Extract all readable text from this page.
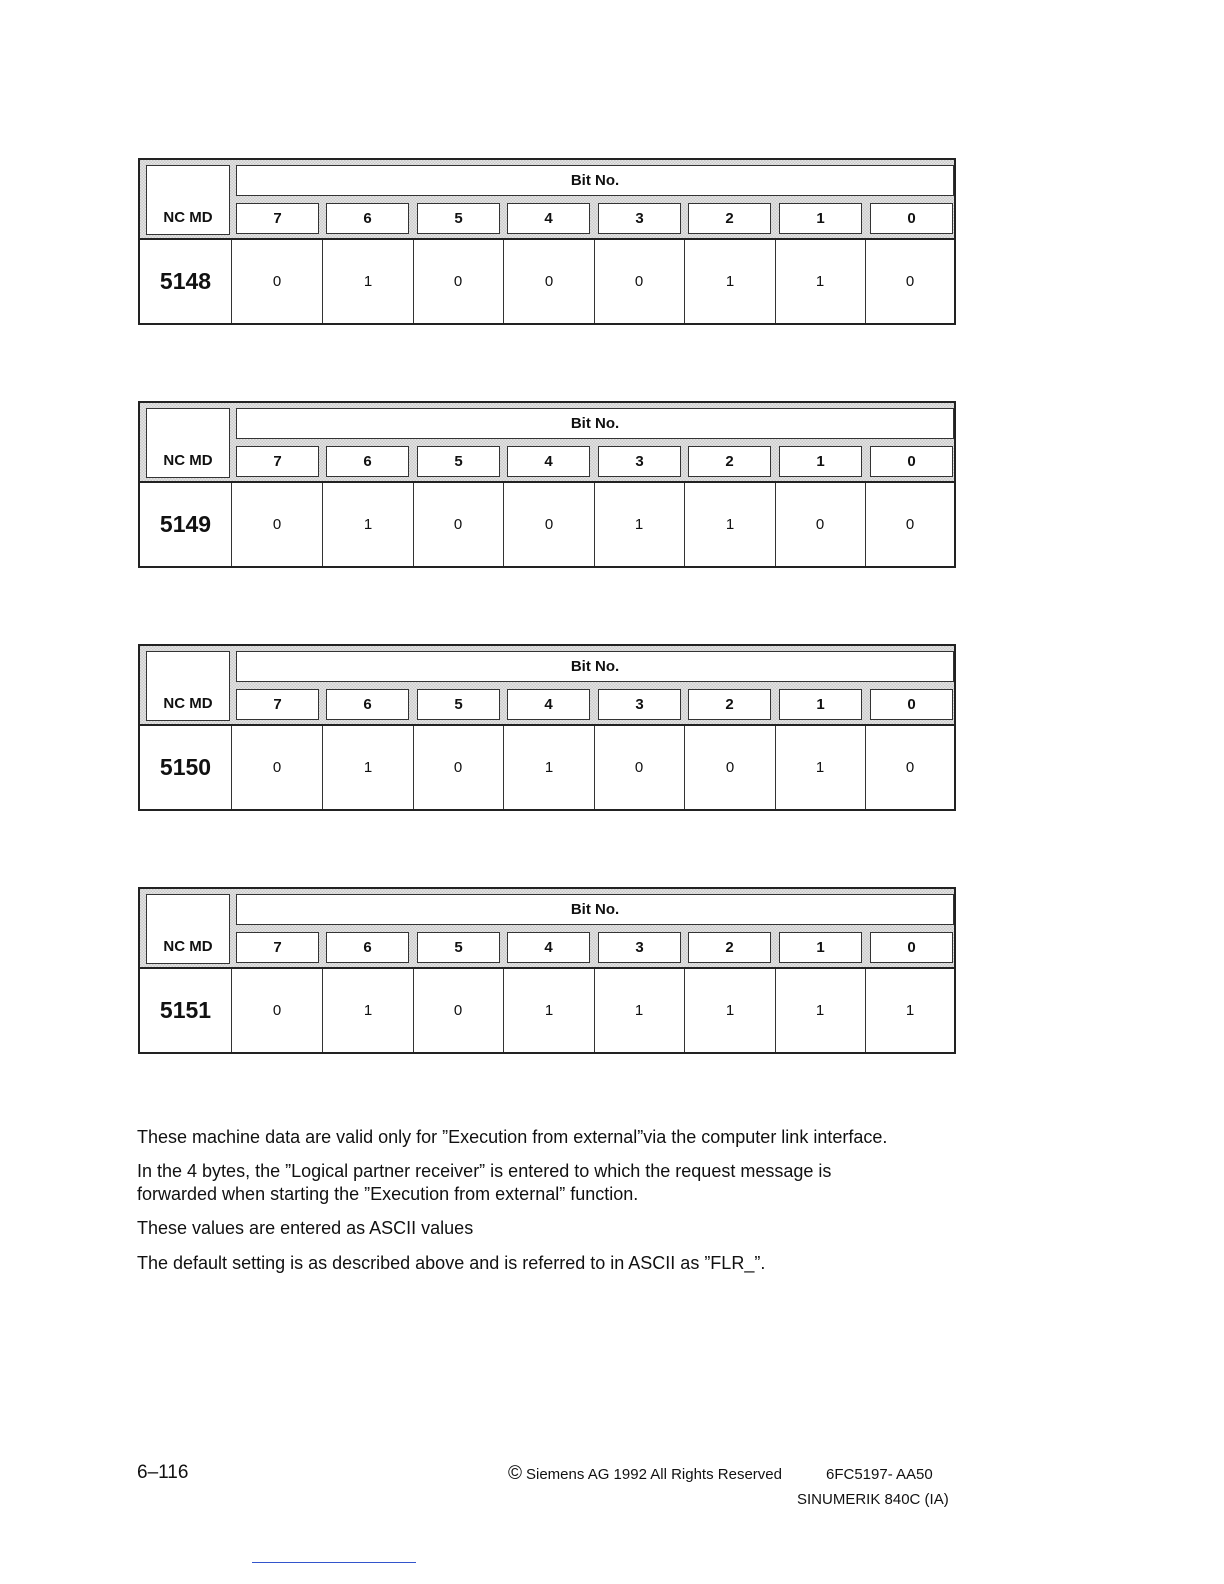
NC MD
Bit No.
7	6	5	4	3	2	1	0
5148	0	1	0	0	0	1	1	0
NC MD
Bit No.
7	6	5	4	3	2	1	0
5149	0	1	0	0	1	1	0	0
NC MD
Bit No.
7	6	5	4	3	2	1	0
5150	0	1	0	1	0	0	1	0
NC MD
Bit No.
7	6	5	4	3	2	1	0
5151	0	1	0	1	1	1	1	1

These machine data are valid only for ”Execution from external”via the computer link interface.

In the 4 bytes, the ”Logical partner receiver” is entered to which the request message is forwarded when starting the ”Execution from external” function.

These values are entered as ASCII values

The default setting is as described above and is referred to in ASCII as ”FLR_”.

6–116	© Siemens AG 1992 All Rights Reserved	6FC5197- AA50
SINUMERIK 840C (IA)
